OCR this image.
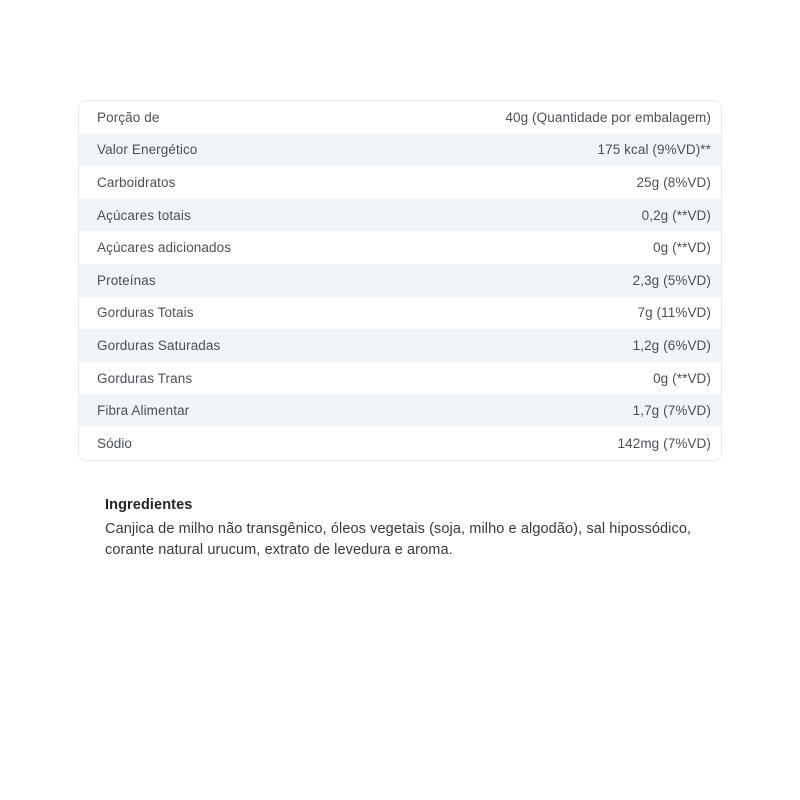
Porção de	40g (Quantidade por embalagem)
Valor Energético	175 kcal (9%VD)**
Carboidratos	25g (8%VD)
Açúcares totais	0,2g (**VD)
Açúcares adicionados	0g (**VD)
Proteínas	2,3g (5%VD)
Gorduras Totais	7g (11%VD)
Gorduras Saturadas	1,2g (6%VD)
Gorduras Trans	0g (**VD)
Fibra Alimentar	1,7g (7%VD)
Sódio	142mg (7%VD)
Ingredientes

Canjica de milho não transgênico, óleos vegetais (soja, milho e algodão), sal hipossódico, corante natural urucum, extrato de levedura e aroma.
